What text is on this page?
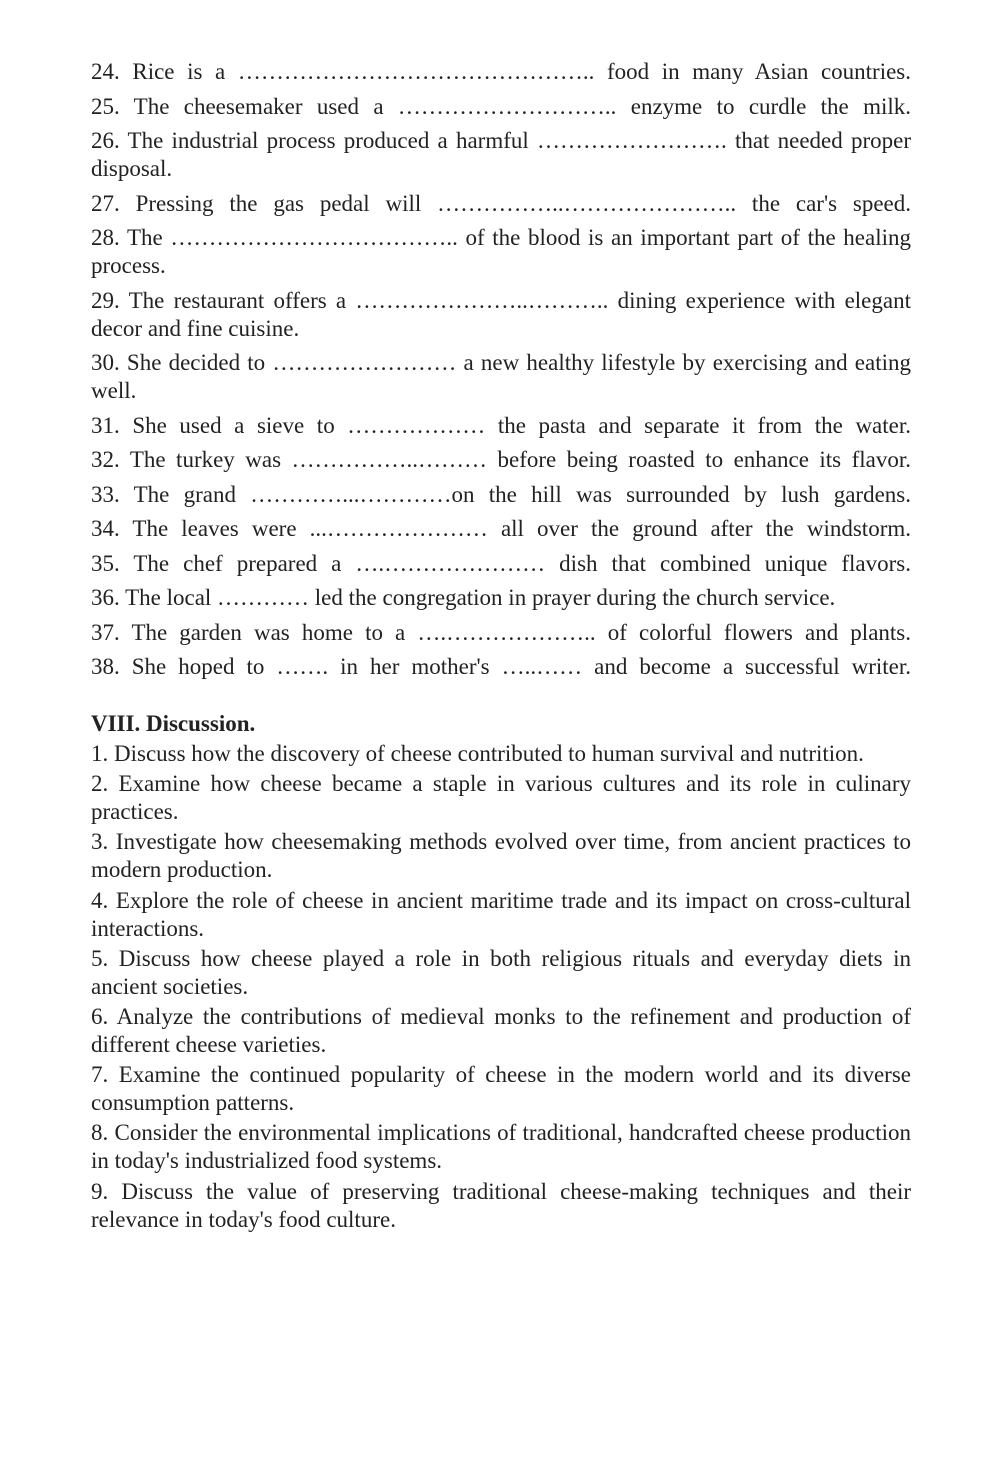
24. Rice is a ……………………………………….. food in many Asian countries.

25. The cheesemaker used a ……………………….. enzyme to curdle the milk.

26. The industrial process produced a harmful ……………………. that needed proper disposal.

27. Pressing the gas pedal will ……………..………………….. the car's speed.

28. The ……………………………….. of the blood is an important part of the healing process.

29. The restaurant offers a …………………..……….. dining experience with elegant decor and fine cuisine.

30. She decided to …………………… a new healthy lifestyle by exercising and eating well.

31. She used a sieve to ……………… the pasta and separate it from the water.

32. The turkey was ……………..……… before being roasted to enhance its flavor.

33. The grand …………...…………on the hill was surrounded by lush gardens.

34. The leaves were ...………………… all over the ground after the windstorm.

35. The chef prepared a ….………………… dish that combined unique flavors.

36. The local ………… led the congregation in prayer during the church service.

37. The garden was home to a ….……………….. of colorful flowers and plants.

38. She hoped to ……. in her mother's …..…… and become a successful writer.

VIII. Discussion.

1. Discuss how the discovery of cheese contributed to human survival and nutrition.

2. Examine how cheese became a staple in various cultures and its role in culinary practices.

3. Investigate how cheesemaking methods evolved over time, from ancient practices to modern production.

4. Explore the role of cheese in ancient maritime trade and its impact on cross-cultural interactions.

5. Discuss how cheese played a role in both religious rituals and everyday diets in ancient societies.

6. Analyze the contributions of medieval monks to the refinement and production of different cheese varieties.

7. Examine the continued popularity of cheese in the modern world and its diverse consumption patterns.

8. Consider the environmental implications of traditional, handcrafted cheese production in today's industrialized food systems.

9. Discuss the value of preserving traditional cheese-making techniques and their relevance in today's food culture.
